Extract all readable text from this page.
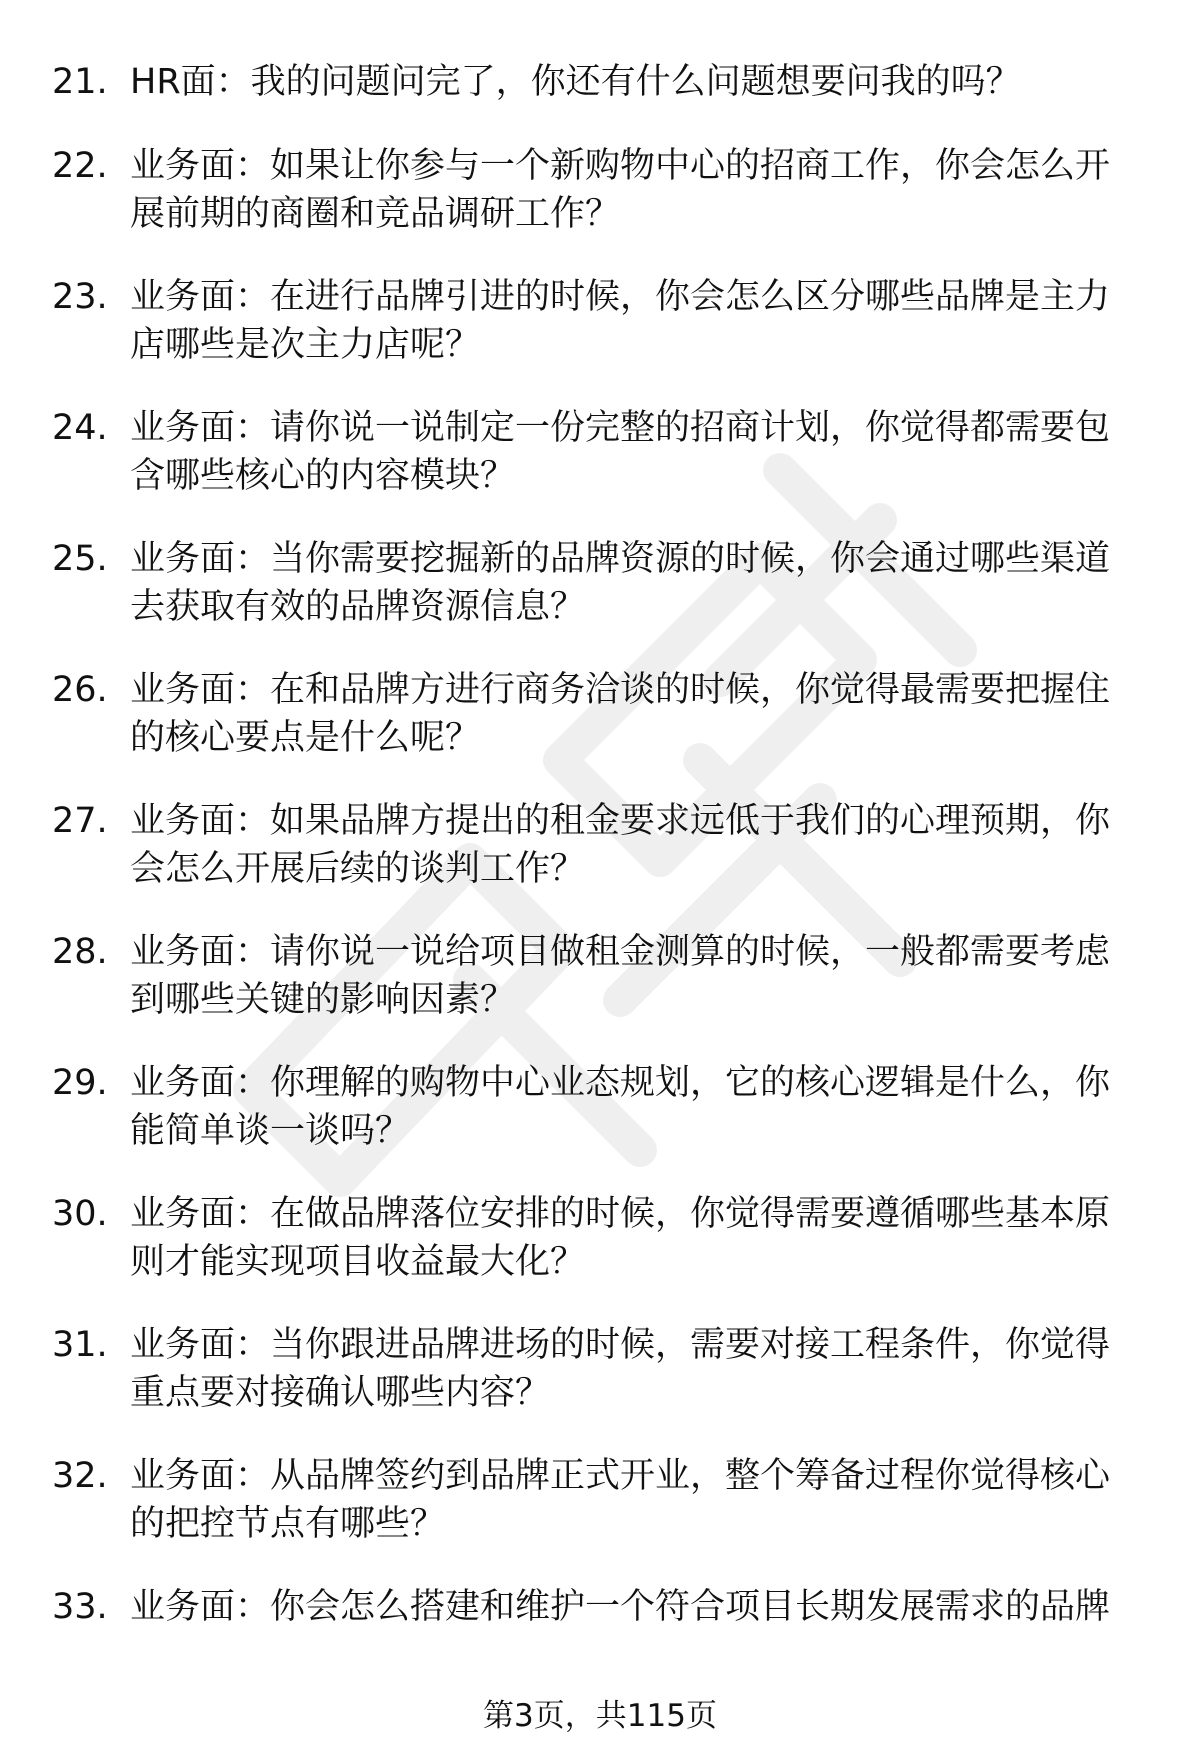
21. HR面：我的问题问完了，你还有什么问题想要问我的吗？
22. 业务面：如果让你参与一个新购物中心的招商工作，你会怎么开
展前期的商圈和竞品调研工作？
23. 业务面：在进行品牌引进的时候，你会怎么区分哪些品牌是主力
店哪些是次主力店呢？
24. 业务面：请你说一说制定一份完整的招商计划，你觉得都需要包
含哪些核心的内容模块？
25. 业务面：当你需要挖掘新的品牌资源的时候，你会通过哪些渠道
去获取有效的品牌资源信息？
26. 业务面：在和品牌方进行商务洽谈的时候，你觉得最需要把握住
的核心要点是什么呢？
27. 业务面：如果品牌方提出的租金要求远低于我们的心理预期，你
会怎么开展后续的谈判工作？
28. 业务面：请你说一说给项目做租金测算的时候，一般都需要考虑
到哪些关键的影响因素？
29. 业务面：你理解的购物中心业态规划，它的核心逻辑是什么，你
能简单谈一谈吗？
30. 业务面：在做品牌落位安排的时候，你觉得需要遵循哪些基本原
则才能实现项目收益最大化？
31. 业务面：当你跟进品牌进场的时候，需要对接工程条件，你觉得
重点要对接确认哪些内容？
32. 业务面：从品牌签约到品牌正式开业，整个筹备过程你觉得核心
的把控节点有哪些？
33. 业务面：你会怎么搭建和维护一个符合项目长期发展需求的品牌
第3页，共115页
